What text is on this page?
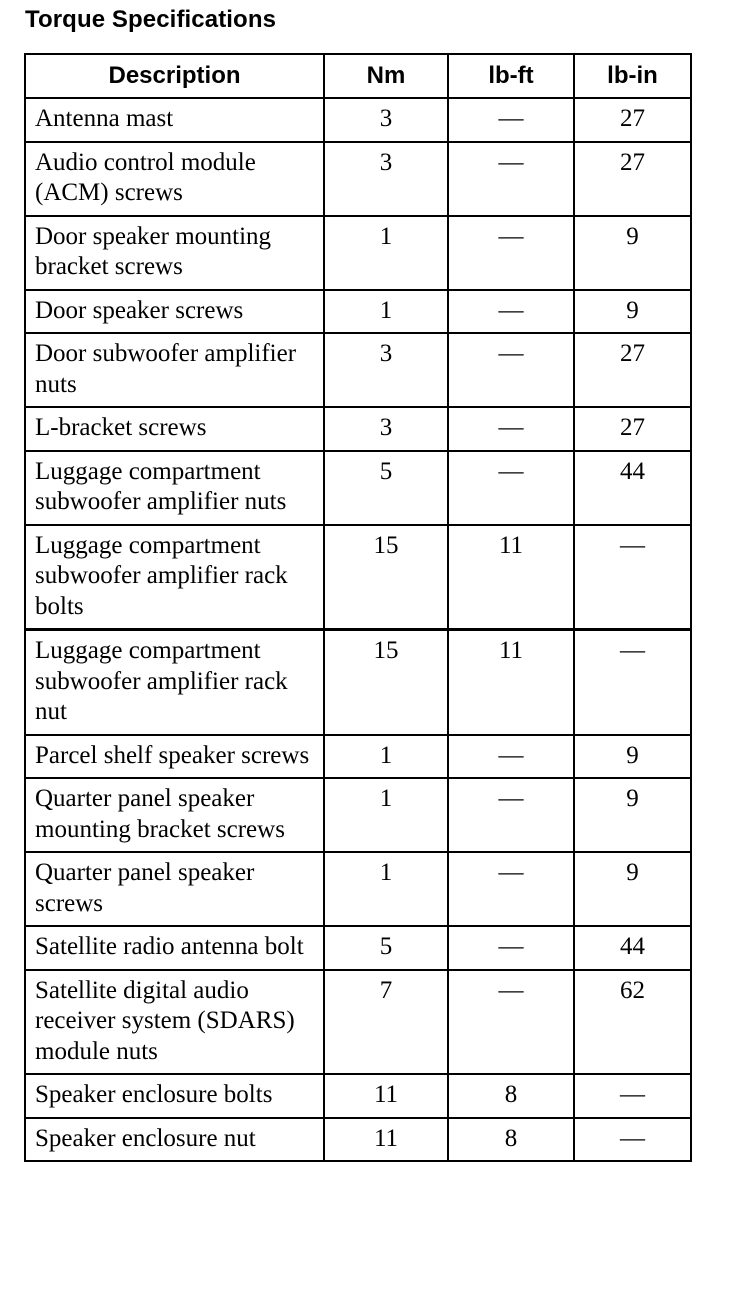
Torque Specifications
Description	Nm	lb-ft	lb-in
Antenna mast	3	—	27
Audio control module (ACM) screws	3	—	27
Door speaker mounting bracket screws	1	—	9
Door speaker screws	1	—	9
Door subwoofer amplifier nuts	3	—	27
L-bracket screws	3	—	27
Luggage compartment subwoofer amplifier nuts	5	—	44
Luggage compartment subwoofer amplifier rack bolts	15	11	—
Luggage compartment subwoofer amplifier rack nut	15	11	—
Parcel shelf speaker screws	1	—	9
Quarter panel speaker mounting bracket screws	1	—	9
Quarter panel speaker screws	1	—	9
Satellite radio antenna bolt	5	—	44
Satellite digital audio receiver system (SDARS) module nuts	7	—	62
Speaker enclosure bolts	11	8	—
Speaker enclosure nut	11	8	—
